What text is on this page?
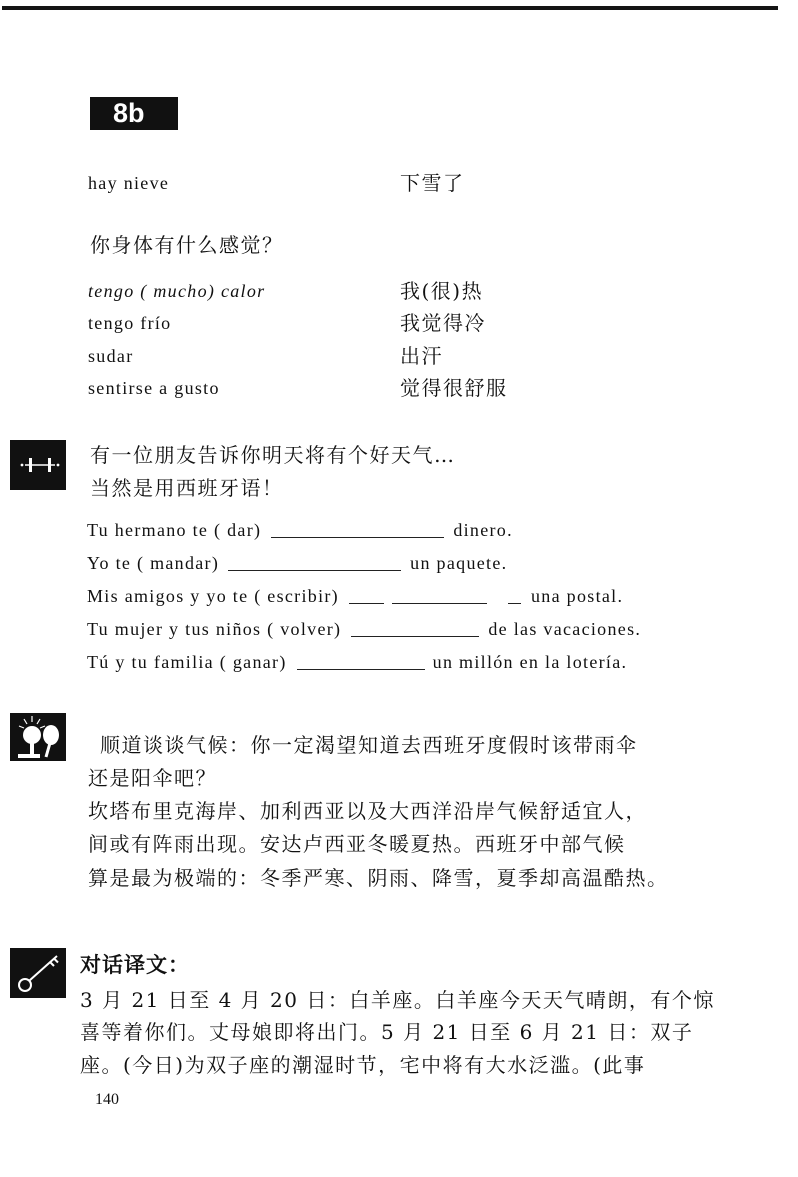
8b
hay nieve	下雪了
你身体有什么感觉？
tengo ( mucho) calor	我(很)热
tengo frío	我觉得冷
sudar	出汗
sentirse a gusto	觉得很舒服
有一位朋友告诉你明天将有个好天气…
当然是用西班牙语！
Tu hermano te ( dar)	dinero.
Yo te ( mandar)	un paquete.
Mis amigos y yo te ( escribir)	una postal.
Tu mujer y tus niños ( volver)	de las vacaciones.
Tú y tu familia ( ganar)	un millón en la lotería.
顺道谈谈气候：你一定渴望知道去西班牙度假时该带雨伞
还是阳伞吧？
坎塔布里克海岸、加利西亚以及大西洋沿岸气候舒适宜人，
间或有阵雨出现。安达卢西亚冬暖夏热。西班牙中部气候
算是最为极端的：冬季严寒、阴雨、降雪，夏季却高温酷热。
对话译文：
3 月 21 日至 4 月 20 日：白羊座。白羊座今天天气晴朗，有个惊
喜等着你们。丈母娘即将出门。5 月 21 日至 6 月 21 日：双子
座。(今日)为双子座的潮湿时节，宅中将有大水泛滥。(此事
140
